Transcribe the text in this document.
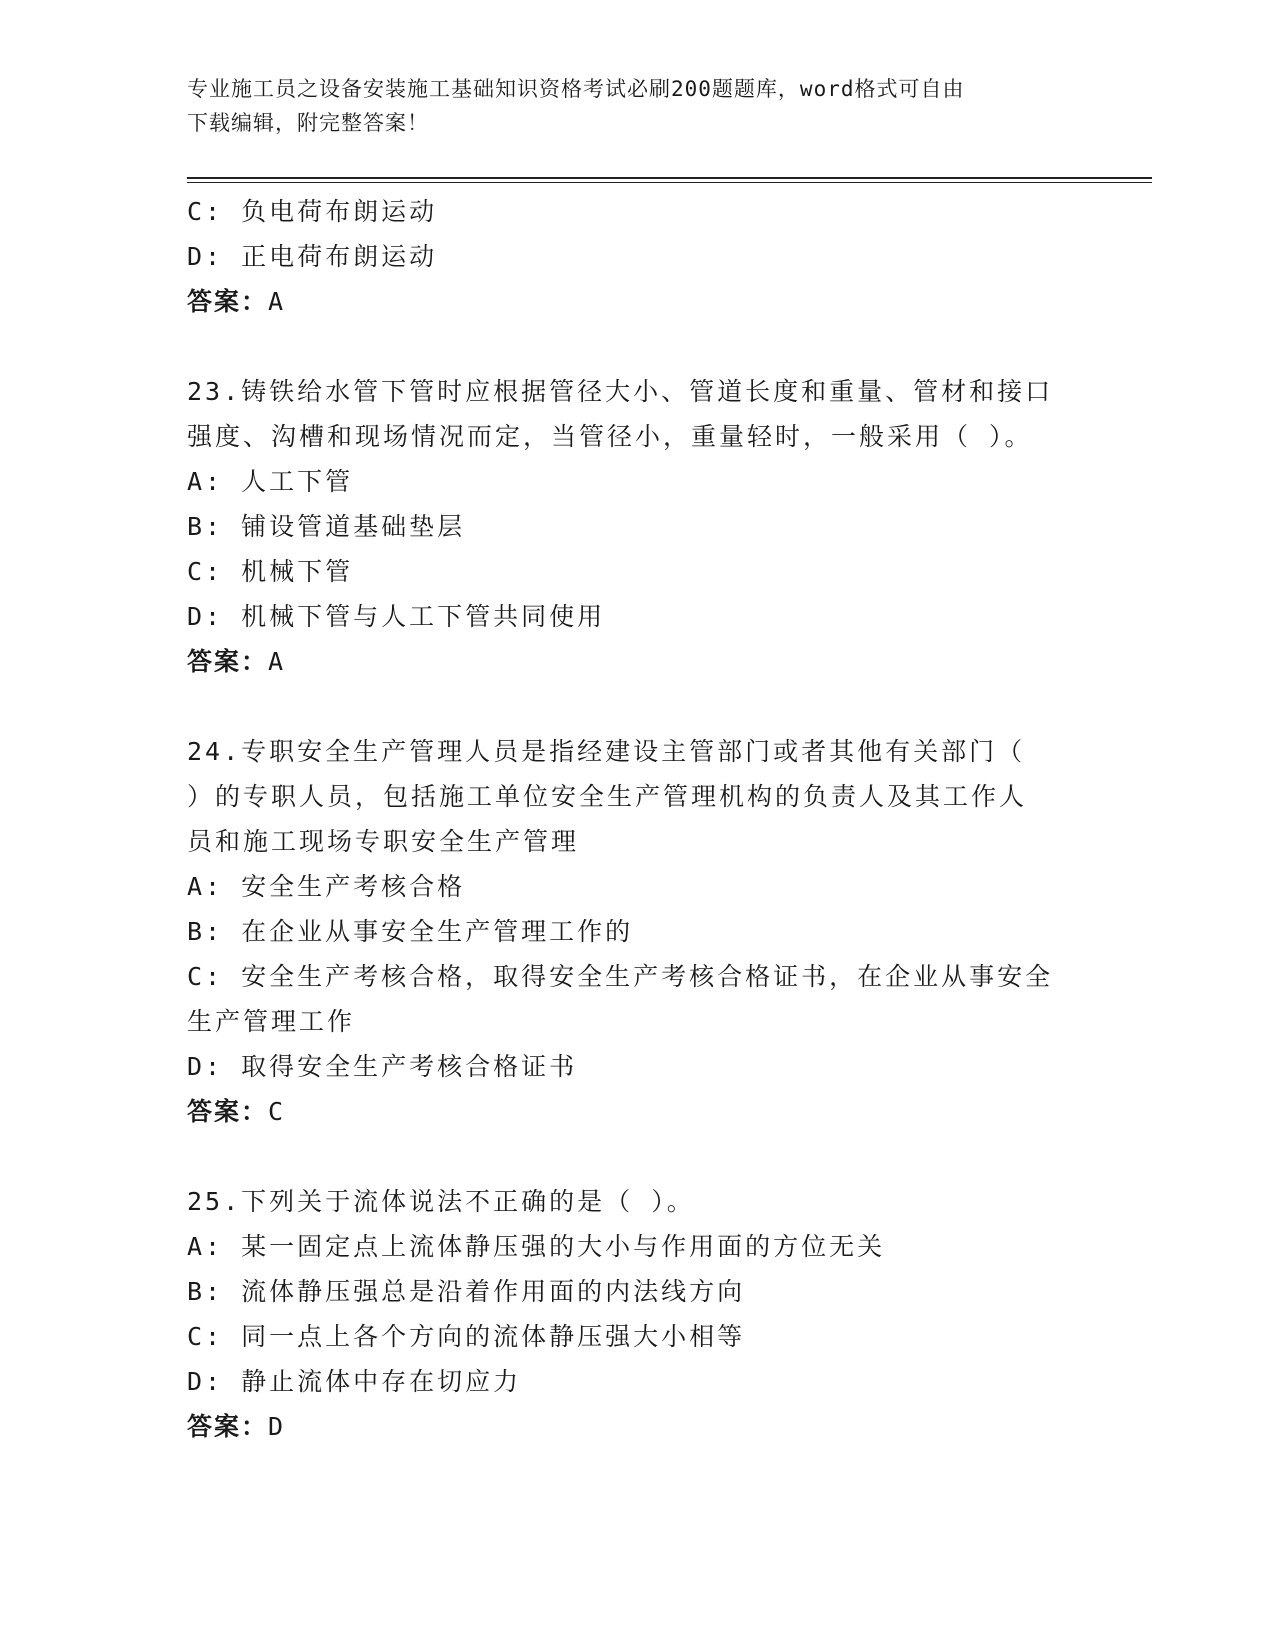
专业施工员之设备安装施工基础知识资格考试必刷200题题库，word格式可自由
下载编辑，附完整答案！
C: 负电荷布朗运动
D: 正电荷布朗运动
答案：A
23.铸铁给水管下管时应根据管径大小、管道长度和重量、管材和接口
强度、沟槽和现场情况而定，当管径小，重量轻时，一般采用（ ）。
A: 人工下管
B: 铺设管道基础垫层
C: 机械下管
D: 机械下管与人工下管共同使用
答案：A
24.专职安全生产管理人员是指经建设主管部门或者其他有关部门（
）的专职人员，包括施工单位安全生产管理机构的负责人及其工作人
员和施工现场专职安全生产管理
A: 安全生产考核合格
B: 在企业从事安全生产管理工作的
C: 安全生产考核合格，取得安全生产考核合格证书，在企业从事安全
生产管理工作
D: 取得安全生产考核合格证书
答案：C
25.下列关于流体说法不正确的是（ ）。
A: 某一固定点上流体静压强的大小与作用面的方位无关
B: 流体静压强总是沿着作用面的内法线方向
C: 同一点上各个方向的流体静压强大小相等
D: 静止流体中存在切应力
答案：D
